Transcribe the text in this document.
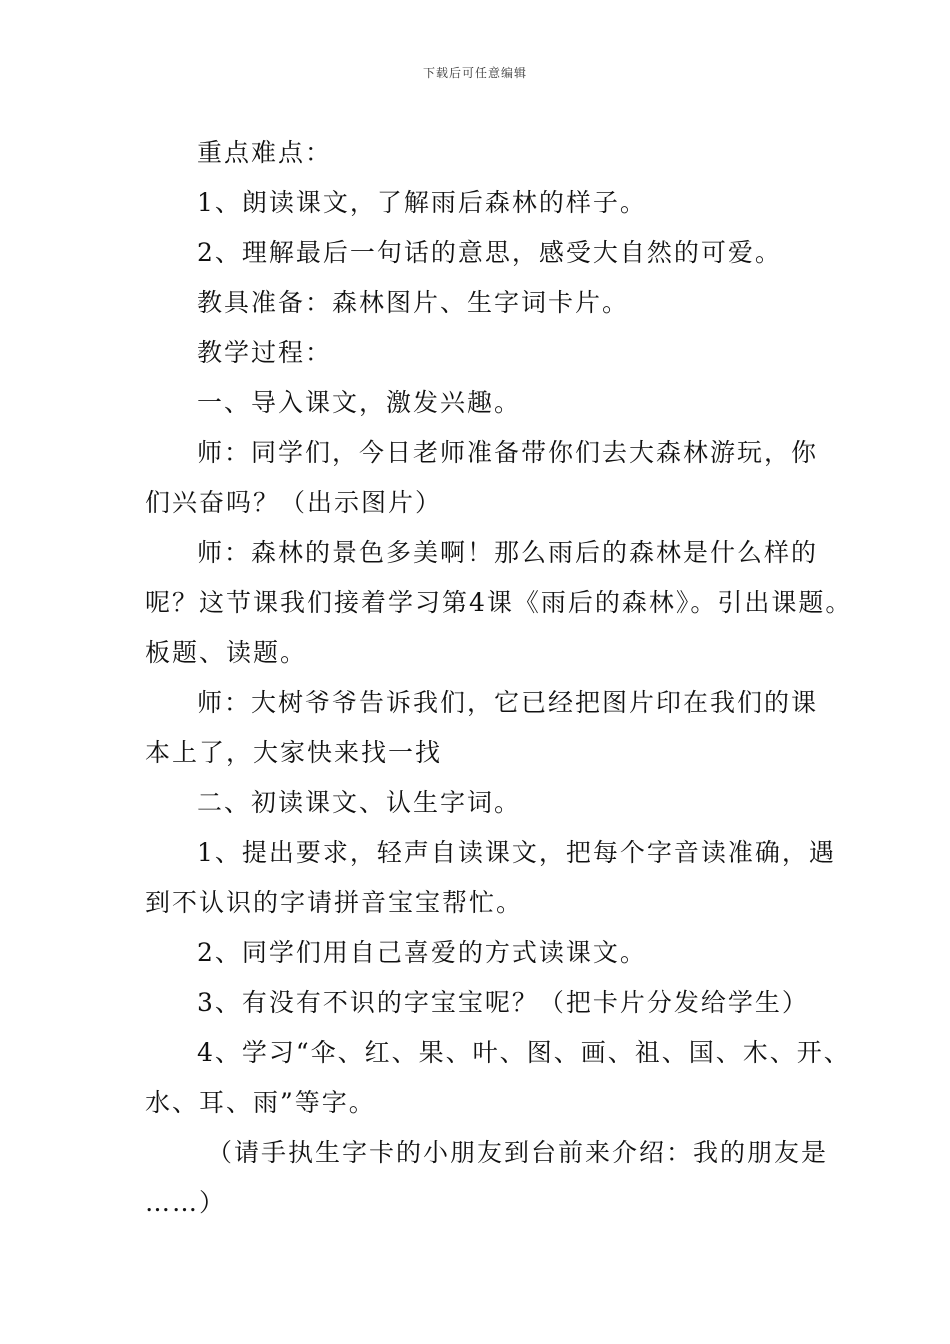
下载后可任意编辑
重点难点：
1、朗读课文，了解雨后森林的样子。
2、理解最后一句话的意思，感受大自然的可爱。
教具准备：森林图片、生字词卡片。
教学过程：
一、导入课文，激发兴趣。
师：同学们，今日老师准备带你们去大森林游玩，你
们兴奋吗？（出示图片）
师：森林的景色多美啊！那么雨后的森林是什么样的
呢？这节课我们接着学习第4课《雨后的森林》。引出课题。
板题、读题。
师：大树爷爷告诉我们，它已经把图片印在我们的课
本上了，大家快来找一找
二、初读课文、认生字词。
1、提出要求，轻声自读课文，把每个字音读准确，遇
到不认识的字请拼音宝宝帮忙。
2、同学们用自己喜爱的方式读课文。
3、有没有不识的字宝宝呢？（把卡片分发给学生）
4、学习“伞、红、果、叶、图、画、祖、国、木、开、
水、耳、雨”等字。
（请手执生字卡的小朋友到台前来介绍：我的朋友是
……）
